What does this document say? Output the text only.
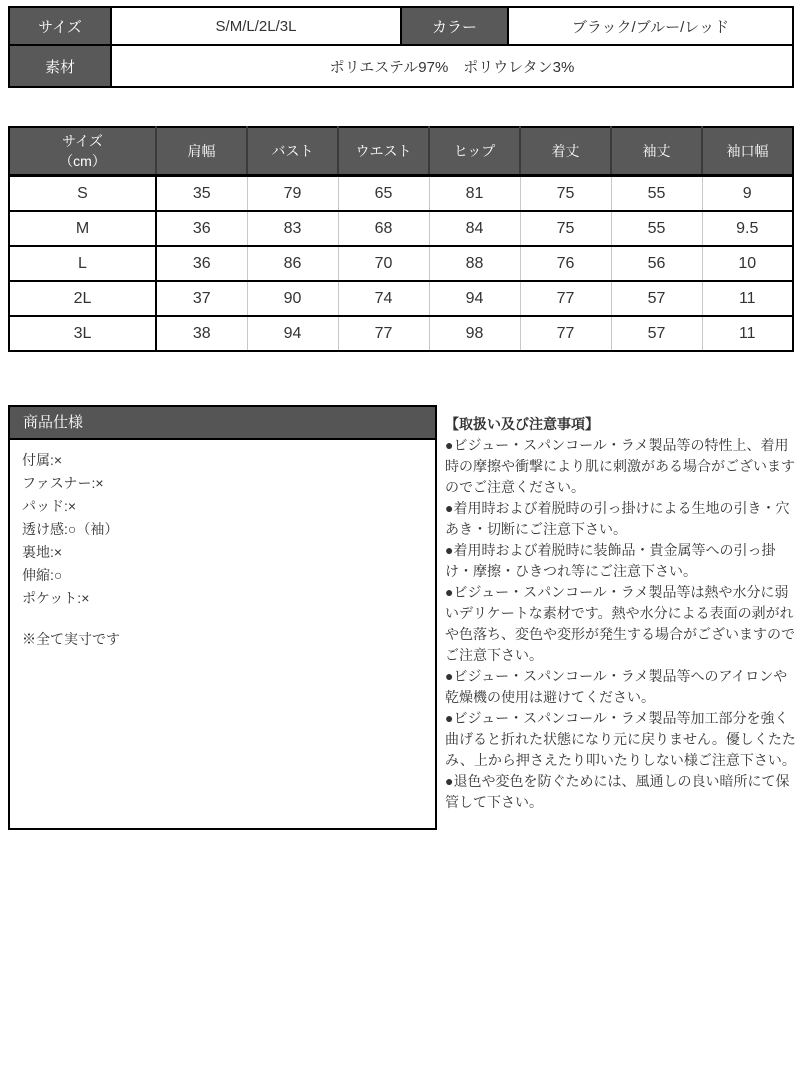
サイズ	S/M/L/2L/3L	カラー	ブラック/ブルー/レッド
素材	ポリエステル97%　ポリウレタン3%		
サイズ
（cm）	肩幅	バスト	ウエスト	ヒップ	着丈	袖丈	袖口幅
S	35	79	65	81	75	55	9
M	36	83	68	84	75	55	9.5
L	36	86	70	88	76	56	10
2L	37	90	74	94	77	57	11
3L	38	94	77	98	77	57	11
商品仕様
付属:×
ファスナー:×
パッド:×
透け感:○（袖）
裏地:×
伸縮:○
ポケット:×
※全て実寸です
【取扱い及び注意事項】

●ビジュー・スパンコール・ラメ製品等の特性上、着用時の摩擦や衝撃により肌に刺激がある場合がございますのでご注意ください。

●着用時および着脱時の引っ掛けによる生地の引き・穴あき・切断にご注意下さい。

●着用時および着脱時に装飾品・貴金属等への引っ掛け・摩擦・ひきつれ等にご注意下さい。

●ビジュー・スパンコール・ラメ製品等は熱や水分に弱いデリケートな素材です。熱や水分による表面の剥がれや色落ち、変色や変形が発生する場合がございますのでご注意下さい。

●ビジュー・スパンコール・ラメ製品等へのアイロンや乾燥機の使用は避けてください。

●ビジュー・スパンコール・ラメ製品等加工部分を強く曲げると折れた状態になり元に戻りません。優しくたたみ、上から押さえたり叩いたりしない様ご注意下さい。

●退色や変色を防ぐためには、風通しの良い暗所にて保管して下さい。
